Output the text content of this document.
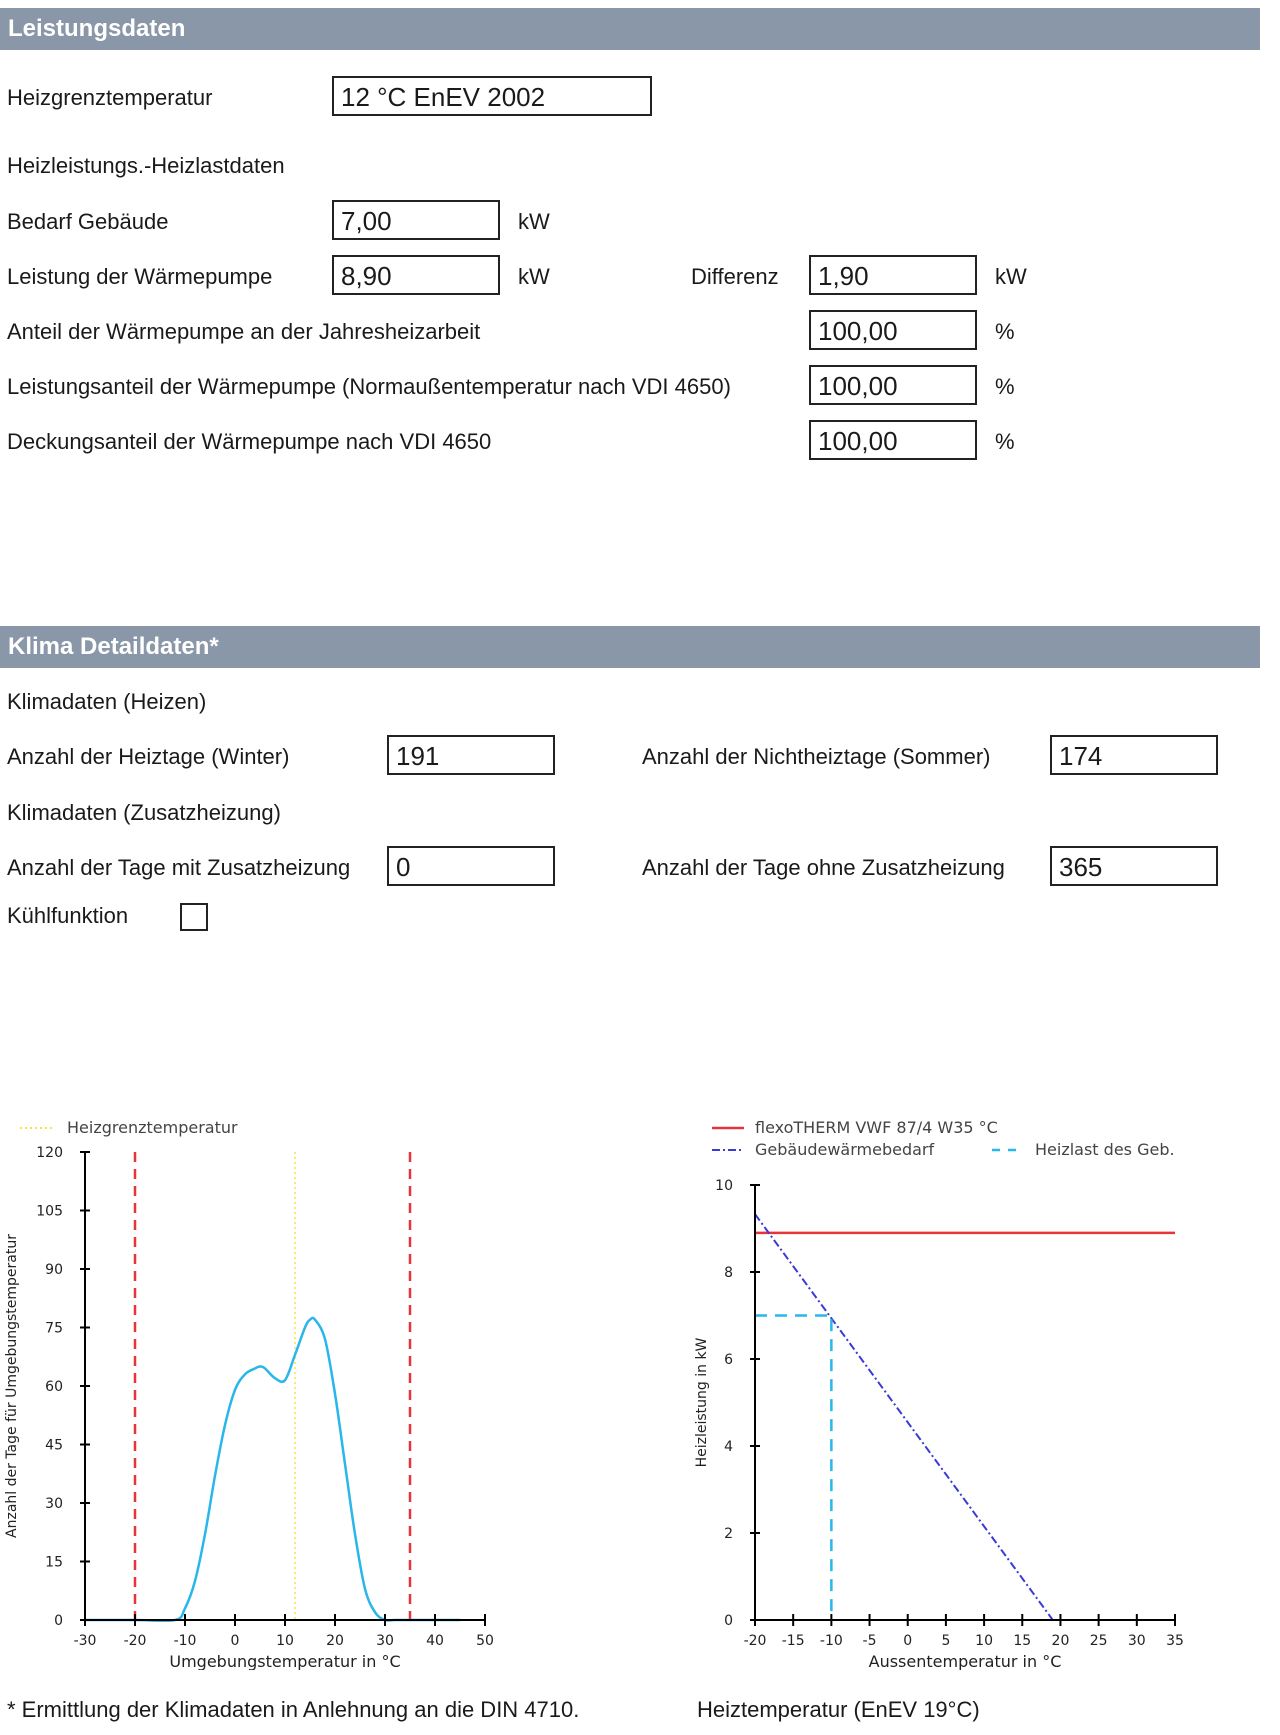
Leistungsdaten
Heizgrenztemperatur	12 °C EnEV 2002
Heizleistungs.-Heizlastdaten
Bedarf Gebäude	7,00	kW
Leistung der Wärmepumpe	8,90	kW	Differenz	1,90	kW
Anteil der Wärmepumpe an der Jahresheizarbeit	100,00	%
Leistungsanteil der Wärmepumpe (Normaußentemperatur nach VDI 4650)	100,00	%
Deckungsanteil der Wärmepumpe nach VDI 4650	100,00	%
Klima Detaildaten*
Klimadaten (Heizen)
Anzahl der Heiztage (Winter)	191	Anzahl der Nichtheiztage (Sommer)	174
Klimadaten (Zusatzheizung)
Anzahl der Tage mit Zusatzheizung	0	Anzahl der Tage ohne Zusatzheizung	365
Kühlfunktion
Heizgrenztemperatur
0
15
30
45
60
75
90
105
120
-30 -20 -10 0	10 20 30 40 50
Umgebungstemperatur in °C
Anzahl der Tage für Umgebungstemperatur
flexoTHERM VWF 87/4 W35 °C
Gebäudewärmebedarf	Heizlast des Geb.
0
2
4
6
8
10
-20 -15 -10 -5 0 5 10 15 20 25 30 35
Aussentemperatur in °C
Heizleistung in kW
* Ermittlung der Klimadaten in Anlehnung an die DIN 4710.	Heiztemperatur (EnEV 19°C)
